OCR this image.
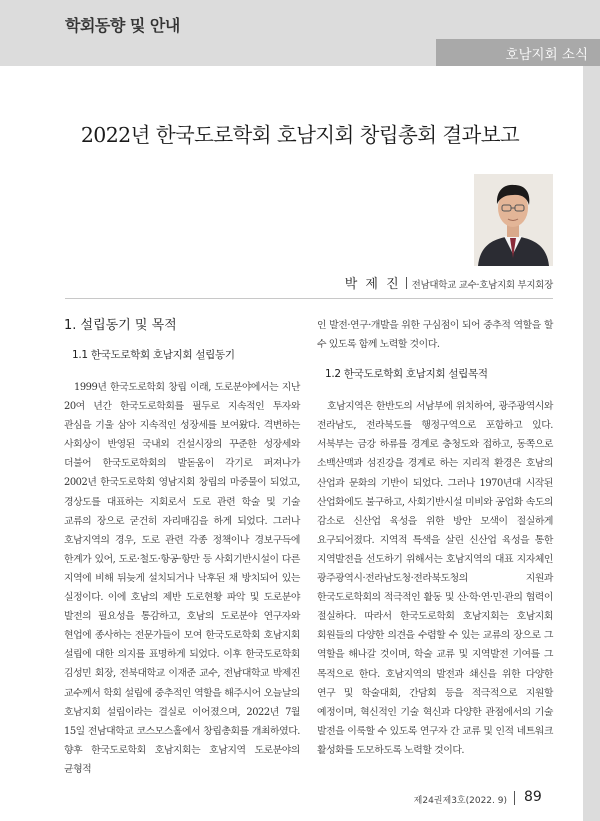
학회동향 및 안내
호남지회 소식
2022년 한국도로학회 호남지회 창립총회 결과보고
박 제 진 전남대학교 교수·호남지회 부지회장
1. 설립동기 및 목적
1.1 한국도로학회 호남지회 설립동기

1999년 한국도로학회 창립 이래, 도로분야에서는 지난 20여 년간 한국도로학회를 필두로 지속적인 투자와 관심을 기울 삼아 지속적인 성장세를 보여왔다. 격변하는 사회상이 반영된 국내외 건설시장의 꾸준한 성장세와 더불어 한국도로학회의 발돋움이 각기로 퍼져나가 2002년 한국도로학회 영남지회 창립의 마중물이 되었고, 경상도를 대표하는 지회로서 도로 관련 학술 및 기술 교류의 장으로 굳건히 자리매김을 하게 되었다. 그러나 호남지역의 경우, 도로 관련 각종 정책이나 경보구득에 한계가 있어, 도로·철도·항공·항만 등 사회기반시설이 다른 지역에 비해 뒤늦게 설치되거나 낙후된 채 방치되어 있는 실정이다. 이에 호남의 제반 도로현황 파악 및 도로분야 발전의 필요성을 통감하고, 호남의 도로분야 연구자와 현업에 종사하는 전문가들이 모여 한국도로학회 호남지회 설립에 대한 의지를 표명하게 되었다. 이후 한국도로학회 김성민 회장, 전북대학교 이재준 교수, 전남대학교 박제진 교수께서 학회 설립에 중추적인 역할을 해주시어 오늘날의 호남지회 설립이라는 결실로 이어졌으며, 2022년 7월 15일 전남대학교 코스모스홀에서 창립총회를 개최하였다. 향후 한국도로학회 호남지회는 호남지역 도로분야의 균형적

인 발전·연구·개발을 위한 구심점이 되어 중추적 역할을 할 수 있도록 함께 노력할 것이다.

1.2 한국도로학회 호남지회 설립목적

호남지역은 한반도의 서남부에 위치하여, 광주광역시와 전라남도, 전라북도를 행정구역으로 포함하고 있다. 서북부는 금강 하류를 경계로 충청도와 접하고, 동쪽으로 소백산맥과 섬진강을 경계로 하는 지리적 환경은 호남의 산업과 문화의 기반이 되었다. 그러나 1970년대 시작된 산업화에도 불구하고, 사회기반시설 미비와 공업화 속도의 감소로 신산업 육성을 위한 방안 모색이 절실하게 요구되어졌다. 지역적 특색을 살린 신산업 육성을 통한 지역발전을 선도하기 위해서는 호남지역의 대표 지자체인 광주광역시·전라남도청·전라북도청의 지원과 한국도로학회의 적극적인 활동 및 산·학·연·민·관의 협력이 절실하다. 따라서 한국도로학회 호남지회는 호남지회 회원들의 다양한 의견을 수렴할 수 있는 교류의 장으로 그 역할을 해나갈 것이며, 학술 교류 및 지역발전 기여를 그 목적으로 한다. 호남지역의 발전과 쇄신을 위한 다양한 연구 및 학술대회, 간담회 등을 적극적으로 지원할 예정이며, 혁신적인 기술 혁신과 다양한 관점에서의 기술 발전을 이룩할 수 있도록 연구자 간 교류 및 인적 네트워크 활성화를 도모하도록 노력할 것이다.

제24권제3호(2022. 9) 89
